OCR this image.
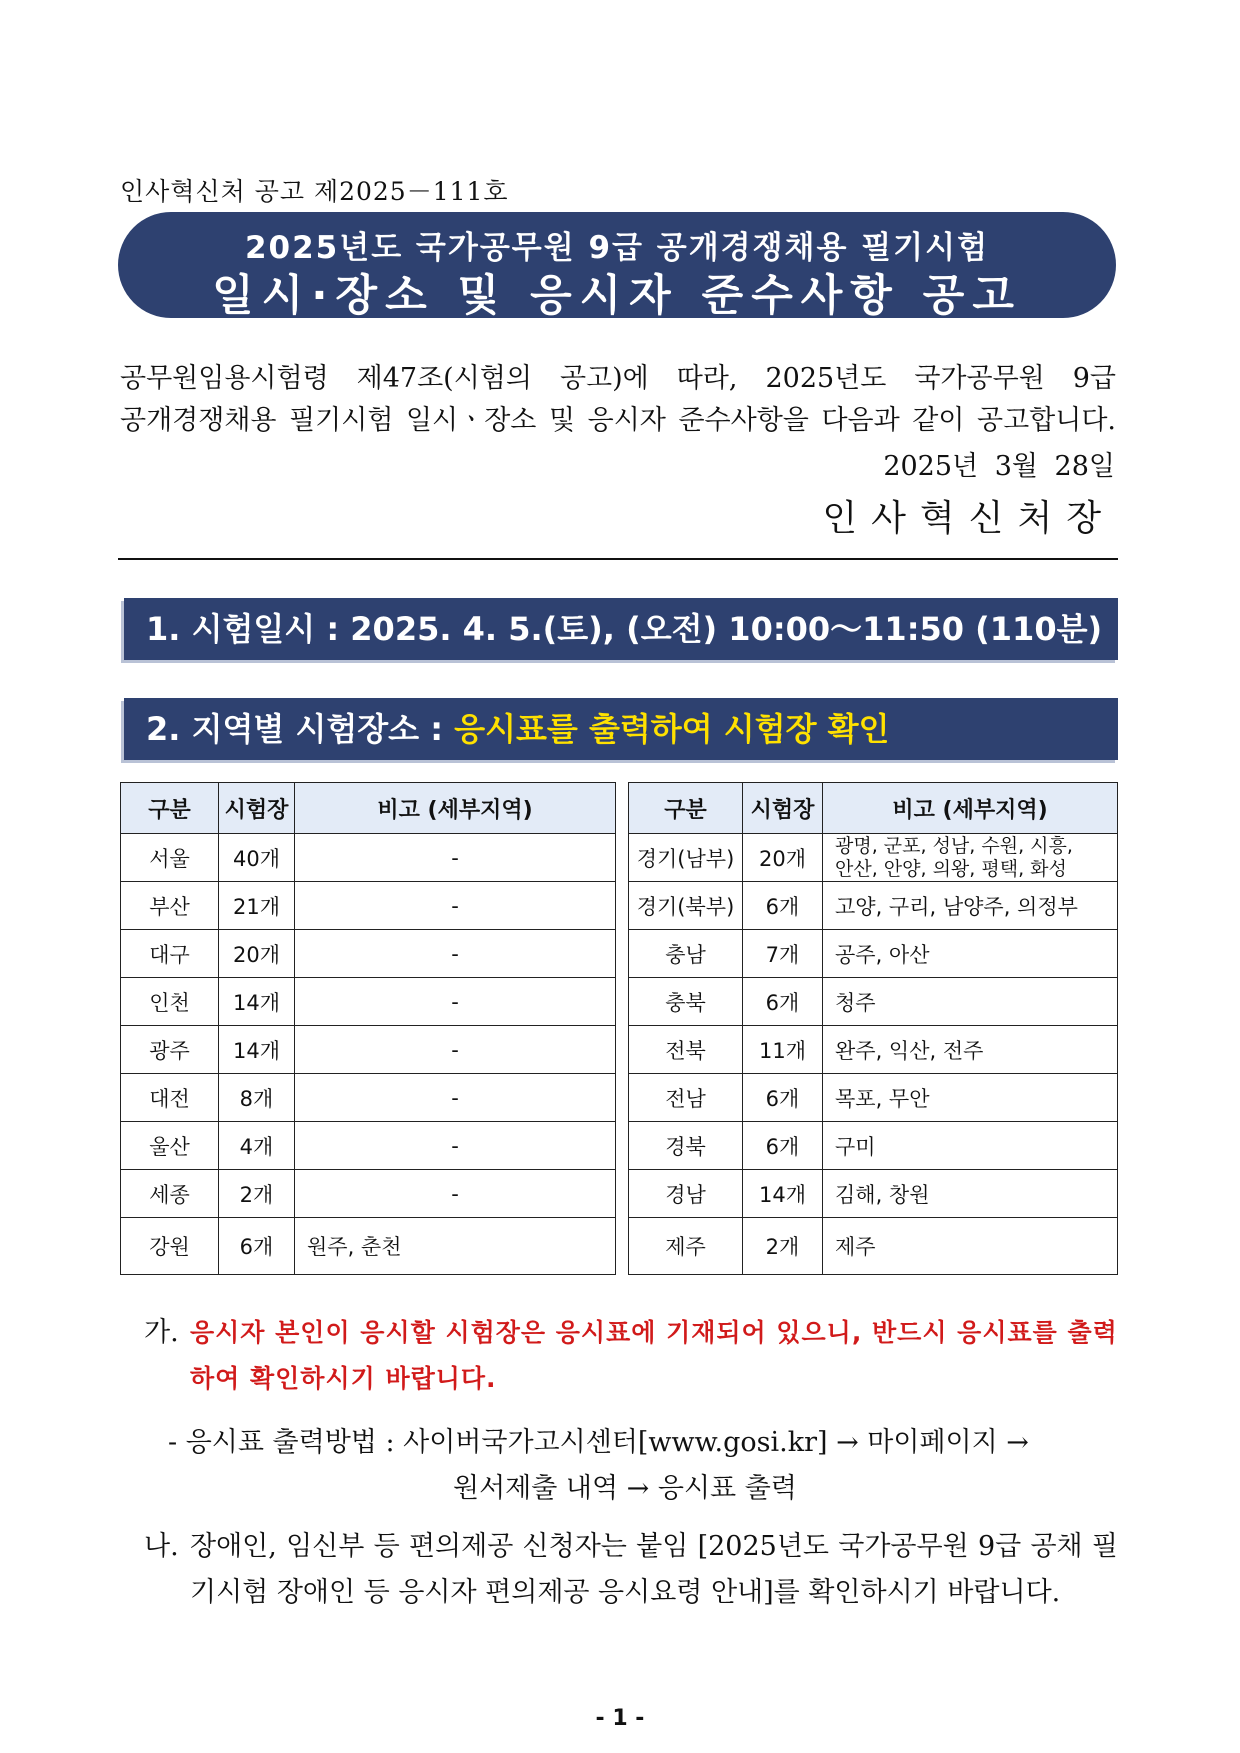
인사혁신처 공고 제2025－111호
2025년도 국가공무원 9급 공개경쟁채용 필기시험
일시·장소 및 응시자 준수사항 공고

공무원임용시험령 제47조(시험의 공고)에 따라, 2025년도 국가공무원 9급

공개경쟁채용 필기시험 일시ㆍ장소 및 응시자 준수사항을 다음과 같이 공고합니다.

2025년 3월 28일
인사혁신처장
1. 시험일시 : 2025. 4. 5.(토), (오전) 10:00～11:50 (110분)
2. 지역별 시험장소 : 응시표를 출력하여 시험장 확인
구분	시험장	비고 (세부지역)
서울	40개	-
부산	21개	-
대구	20개	-
인천	14개	-
광주	14개	-
대전	8개	-
울산	4개	-
세종	2개	-
강원	6개	원주, 춘천
구분	시험장	비고 (세부지역)
경기(남부)	20개	광명, 군포, 성남, 수원, 시흥,
안산, 안양, 의왕, 평택, 화성

경기(북부)	6개	고양, 구리, 남양주, 의정부
충남	7개	공주, 아산
충북	6개	청주
전북	11개	완주, 익산, 전주
전남	6개	목포, 무안
경북	6개	구미
경남	14개	김해, 창원
제주	2개	제주
가. 응시자 본인이 응시할 시험장은 응시표에 기재되어 있으니, 반드시 응시표를 출력하여 확인하시기 바랍니다.
- 응시표 출력방법 : 사이버국가고시센터[www.gosi.kr] → 마이페이지 →
원서제출 내역 → 응시표 출력
나. 장애인, 임신부 등 편의제공 신청자는 붙임 [2025년도 국가공무원 9급 공채 필기시험 장애인 등 응시자 편의제공 응시요령 안내]를 확인하시기 바랍니다.
- 1 -
